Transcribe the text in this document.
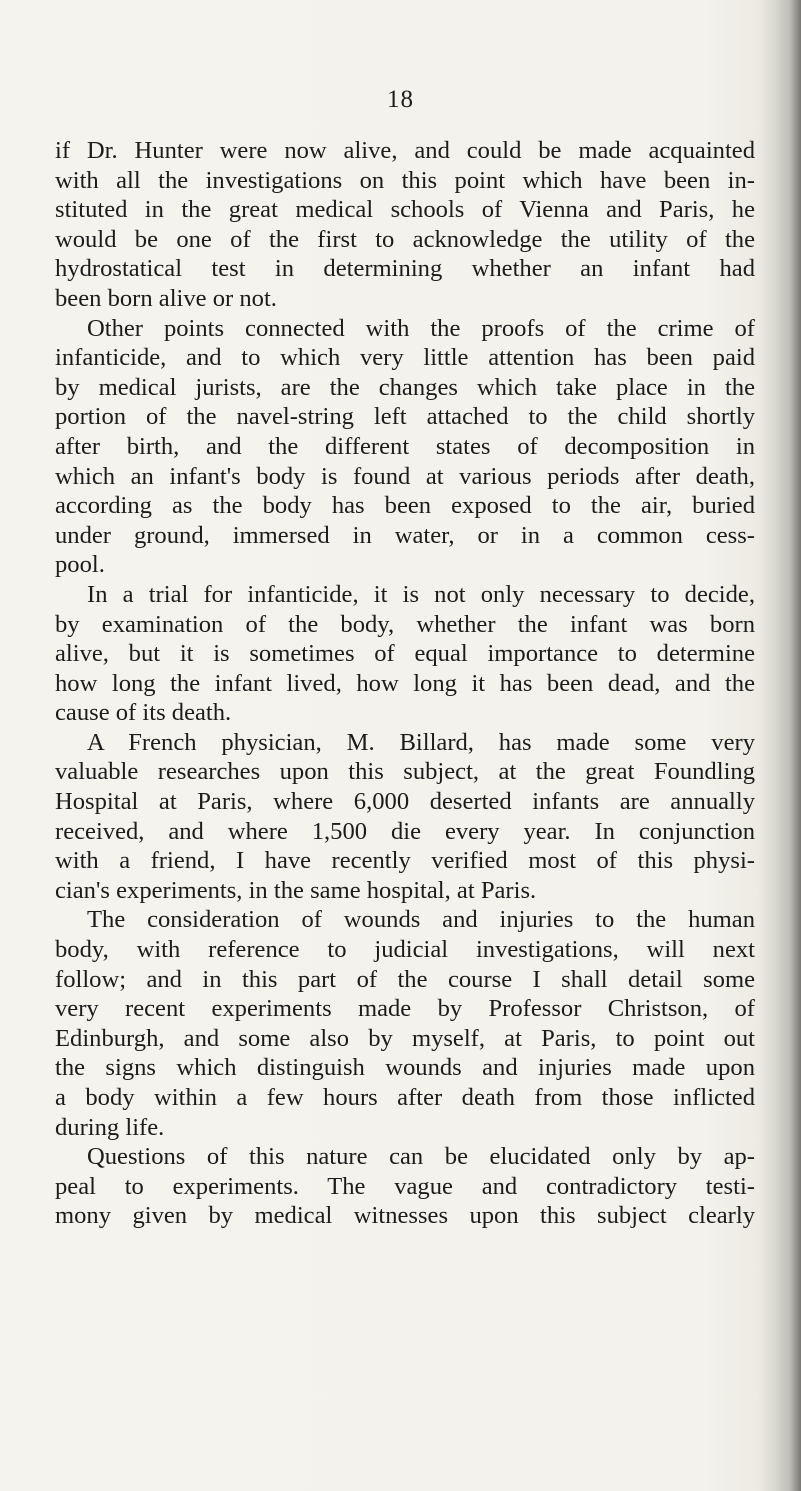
18
if Dr. Hunter were now alive, and could be made acquainted
with all the investigations on this point which have been in-
stituted in the great medical schools of Vienna and Paris, he
would be one of the first to acknowledge the utility of the
hydrostatical test in determining whether an infant had
been born alive or not.
Other points connected with the proofs of the crime of
infanticide, and to which very little attention has been paid
by medical jurists, are the changes which take place in the
portion of the navel-string left attached to the child shortly
after birth, and the different states of decomposition in
which an infant's body is found at various periods after death,
according as the body has been exposed to the air, buried
under ground, immersed in water, or in a common cess-
pool.
In a trial for infanticide, it is not only necessary to decide,
by examination of the body, whether the infant was born
alive, but it is sometimes of equal importance to determine
how long the infant lived, how long it has been dead, and the
cause of its death.
A French physician, M. Billard, has made some very
valuable researches upon this subject, at the great Foundling
Hospital at Paris, where 6,000 deserted infants are annually
received, and where 1,500 die every year. In conjunction
with a friend, I have recently verified most of this physi-
cian's experiments, in the same hospital, at Paris.
The consideration of wounds and injuries to the human
body, with reference to judicial investigations, will next
follow; and in this part of the course I shall detail some
very recent experiments made by Professor Christson, of
Edinburgh, and some also by myself, at Paris, to point out
the signs which distinguish wounds and injuries made upon
a body within a few hours after death from those inflicted
during life.
Questions of this nature can be elucidated only by ap-
peal to experiments. The vague and contradictory testi-
mony given by medical witnesses upon this subject clearly
